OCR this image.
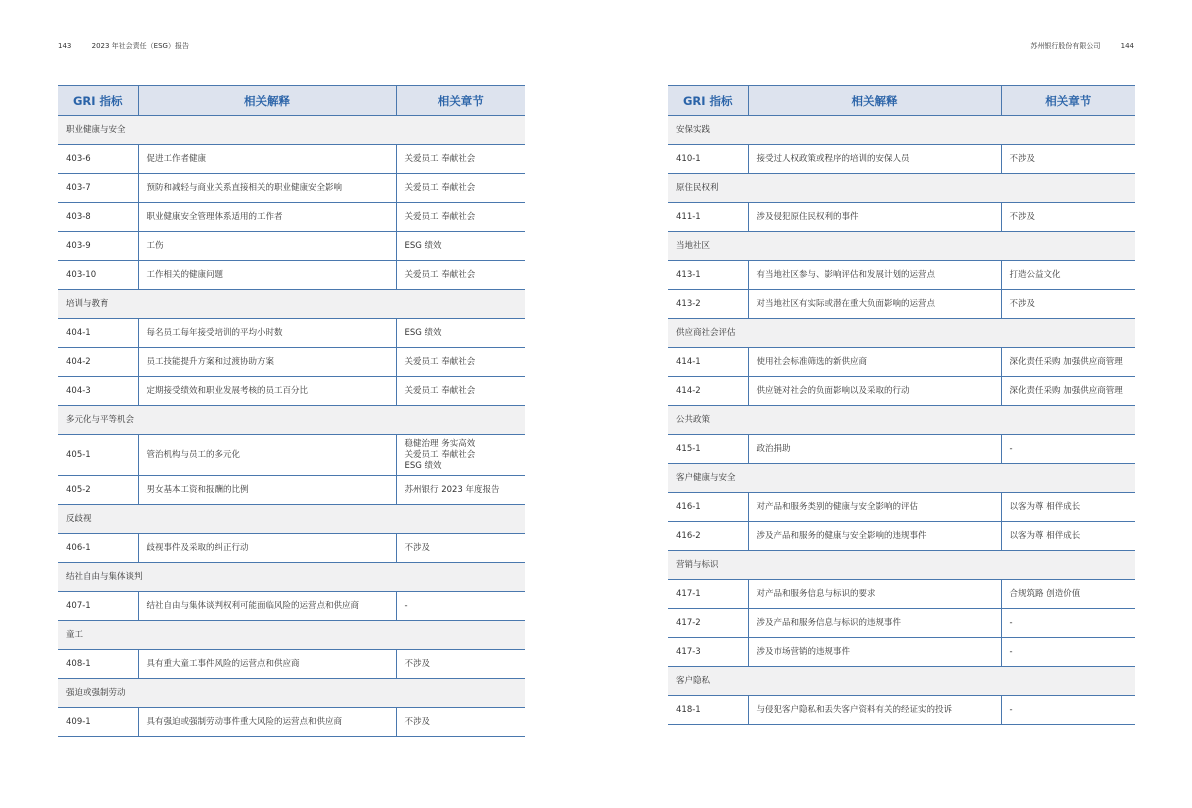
143	2023 年社会责任（ESG）报告	苏州银行股份有限公司	144
GRI 指标	相关解释	相关章节
职业健康与安全		
403-6	促进工作者健康	关爱员工 奉献社会
403-7	预防和减轻与商业关系直接相关的职业健康安全影响	关爱员工 奉献社会
403-8	职业健康安全管理体系适用的工作者	关爱员工 奉献社会
403-9	工伤	ESG 绩效
403-10	工作相关的健康问题	关爱员工 奉献社会
培训与教育		
404-1	每名员工每年接受培训的平均小时数	ESG 绩效
404-2	员工技能提升方案和过渡协助方案	关爱员工 奉献社会
404-3	定期接受绩效和职业发展考核的员工百分比	关爱员工 奉献社会
多元化与平等机会		
405-1	管治机构与员工的多元化	稳健治理 务实高效
关爱员工 奉献社会
ESG 绩效
405-2	男女基本工资和报酬的比例	苏州银行 2023 年度报告
反歧视		
406-1	歧视事件及采取的纠正行动	不涉及
结社自由与集体谈判		
407-1	结社自由与集体谈判权利可能面临风险的运营点和供应商	-
童工		
408-1	具有重大童工事件风险的运营点和供应商	不涉及
强迫或强制劳动		
409-1	具有强迫或强制劳动事件重大风险的运营点和供应商	不涉及
GRI 指标	相关解释	相关章节
安保实践		
410-1	接受过人权政策或程序的培训的安保人员	不涉及
原住民权利		
411-1	涉及侵犯原住民权利的事件	不涉及
当地社区		
413-1	有当地社区参与、影响评估和发展计划的运营点	打造公益文化
413-2	对当地社区有实际或潜在重大负面影响的运营点	不涉及
供应商社会评估		
414-1	使用社会标准筛选的新供应商	深化责任采购 加强供应商管理
414-2	供应链对社会的负面影响以及采取的行动	深化责任采购 加强供应商管理
公共政策		
415-1	政治捐助	-
客户健康与安全		
416-1	对产品和服务类别的健康与安全影响的评估	以客为尊 相伴成长
416-2	涉及产品和服务的健康与安全影响的违规事件	以客为尊 相伴成长
营销与标识		
417-1	对产品和服务信息与标识的要求	合规筑路 创造价值
417-2	涉及产品和服务信息与标识的违规事件	-
417-3	涉及市场营销的违规事件	-
客户隐私		
418-1	与侵犯客户隐私和丢失客户资料有关的经证实的投诉	-
